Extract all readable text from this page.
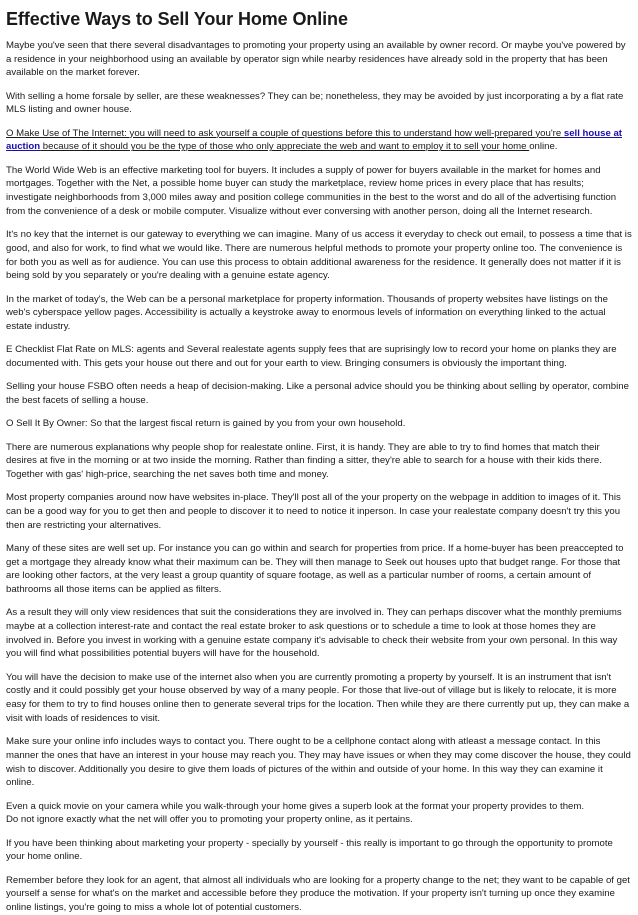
Effective Ways to Sell Your Home Online

Maybe you've seen that there several disadvantages to promoting your property using an available by owner record. Or maybe you've powered by a residence in your neighborhood using an available by operator sign while nearby residences have already sold in the property that has been available on the market forever.

With selling a home forsale by seller, are these weaknesses? They can be; nonetheless, they may be avoided by just incorporating a by a flat rate MLS listing and owner house.

O Make Use of The Internet: you will need to ask yourself a couple of questions before this to understand how well-prepared you're sell house at auction because of it should you be the type of those who only appreciate the web and want to employ it to sell your home online.

The World Wide Web is an effective marketing tool for buyers. It includes a supply of power for buyers available in the market for homes and mortgages. Together with the Net, a possible home buyer can study the marketplace, review home prices in every place that has results; investigate neighborhoods from 3,000 miles away and position college communities in the best to the worst and do all of the advertising function from the convenience of a desk or mobile computer. Visualize without ever conversing with another person, doing all the Internet research.

It's no key that the internet is our gateway to everything we can imagine. Many of us access it everyday to check out email, to possess a time that is good, and also for work, to find what we would like. There are numerous helpful methods to promote your property online too. The convenience is for both you as well as for audience. You can use this process to obtain additional awareness for the residence. It generally does not matter if it is being sold by you separately or you're dealing with a genuine estate agency.

In the market of today's, the Web can be a personal marketplace for property information. Thousands of property websites have listings on the web's cyberspace yellow pages. Accessibility is actually a keystroke away to enormous levels of information on everything linked to the actual estate industry.

E Checklist Flat Rate on MLS: agents and Several realestate agents supply fees that are suprisingly low to record your home on planks they are documented with. This gets your house out there and out for your earth to view. Bringing consumers is obviously the important thing.

Selling your house FSBO often needs a heap of decision-making. Like a personal advice should you be thinking about selling by operator, combine the best facets of selling a house.

O Sell It By Owner: So that the largest fiscal return is gained by you from your own household.

There are numerous explanations why people shop for realestate online. First, it is handy. They are able to try to find homes that match their desires at five in the morning or at two inside the morning. Rather than finding a sitter, they're able to search for a house with their kids there. Together with gas' high-price, searching the net saves both time and money.

Most property companies around now have websites in-place. They'll post all of the your property on the webpage in addition to images of it. This can be a good way for you to get then and people to discover it to need to notice it inperson. In case your realestate company doesn't try this you then are restricting your alternatives.

Many of these sites are well set up. For instance you can go within and search for properties from price. If a home-buyer has been preaccepted to get a mortgage they already know what their maximum can be. They will then manage to Seek out houses upto that budget range. For those that are looking other factors, at the very least a group quantity of square footage, as well as a particular number of rooms, a certain amount of bathrooms all those items can be applied as filters.

As a result they will only view residences that suit the considerations they are involved in. They can perhaps discover what the monthly premiums maybe at a collection interest-rate and contact the real estate broker to ask questions or to schedule a time to look at those homes they are involved in. Before you invest in working with a genuine estate company it's advisable to check their website from your own personal. In this way you will find what possibilities potential buyers will have for the household.

You will have the decision to make use of the internet also when you are currently promoting a property by yourself. It is an instrument that isn't costly and it could possibly get your house observed by way of a many people. For those that live-out of village but is likely to relocate, it is more easy for them to try to find houses online then to generate several trips for the location. Then while they are there currently put up, they can make a visit with loads of residences to visit.

Make sure your online info includes ways to contact you. There ought to be a cellphone contact along with atleast a message contact. In this manner the ones that have an interest in your house may reach you. They may have issues or when they may come discover the house, they could wish to discover. Additionally you desire to give them loads of pictures of the within and outside of your home. In this way they can examine it online.

Even a quick movie on your camera while you walk-through your home gives a superb look at the format your property provides to them.
Do not ignore exactly what the net will offer you to promoting your property online, as it pertains.

If you have been thinking about marketing your property - specially by yourself - this really is important to go through the opportunity to promote your home online.

Remember before they look for an agent, that almost all individuals who are looking for a property change to the net; they want to be capable of get yourself a sense for what's on the market and accessible before they produce the motivation. If your property isn't turning up once they examine online listings, you're going to miss a whole lot of potential customers.
